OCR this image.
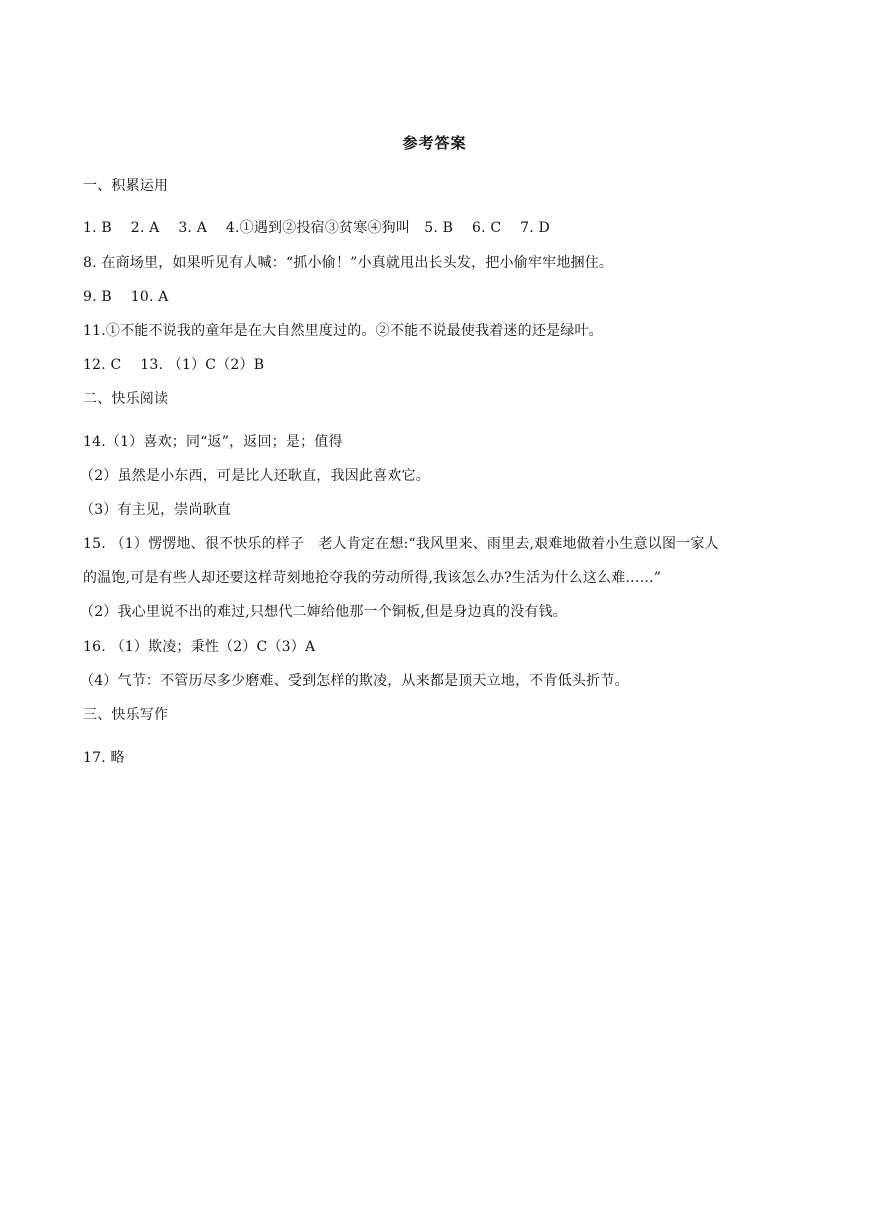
参考答案
一、积累运用
1. B　 2. A　 3. A　 4.①遇到②投宿③贫寒④狗叫　5. B　 6. C　 7. D
8. 在商场里，如果听见有人喊：“抓小偷！”小真就甩出长头发，把小偷牢牢地捆住。
9. B　 10. A
11.①不能不说我的童年是在大自然里度过的。②不能不说最使我着迷的还是绿叶。
12. C　 13. （1）C（2）B
二、快乐阅读
14.（1）喜欢；同“返”，返回；是；值得
（2）虽然是小东西，可是比人还耿直，我因此喜欢它。
（3）有主见，崇尚耿直
15. （1）愣愣地、很不快乐的样子　老人肯定在想:“我风里来、雨里去,艰难地做着小生意以图一家人
的温饱,可是有些人却还要这样苛刻地抢夺我的劳动所得,我该怎么办?生活为什么这么难……”
（2）我心里说不出的难过,只想代二婶给他那一个铜板,但是身边真的没有钱。
16. （1）欺凌；秉性（2）C（3）A
（4）气节：不管历尽多少磨难、受到怎样的欺凌，从来都是顶天立地，不肯低头折节。
三、快乐写作
17. 略
